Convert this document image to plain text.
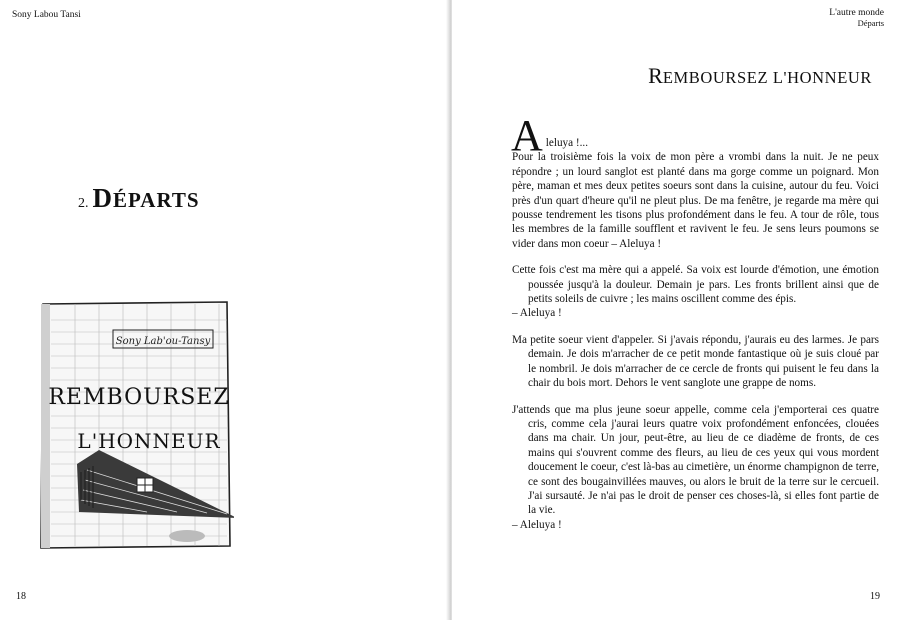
Sony Labou Tansi
2. DÉPARTS
Sony Lab'ou-Tansy
REMBOURSEZ
L'HONNEUR
18
L'autre monde
Départs
REMBOURSEZ L'HONNEUR

A leluya !...
Pour la troisième fois la voix de mon père a vrombi dans la nuit. Je ne peux répondre ; un lourd sanglot est planté dans ma gorge comme un poignard. Mon père, maman et mes deux petites soeurs sont dans la cuisine, autour du feu. Voici près d'un quart d'heure qu'il ne pleut plus. De ma fenêtre, je regarde ma mère qui pousse tendrement les tisons plus profondément dans le feu. A tour de rôle, tous les membres de la famille soufflent et ravivent le feu. Je sens leurs poumons se vider dans mon coeur – Aleluya !

Cette fois c'est ma mère qui a appelé. Sa voix est lourde d'émotion, une émotion poussée jusqu'à la douleur. Demain je pars. Les fronts brillent ainsi que de petits soleils de cuivre ; les mains oscillent comme des épis.
– Aleluya !

Ma petite soeur vient d'appeler. Si j'avais répondu, j'aurais eu des larmes. Je pars demain. Je dois m'arracher de ce petit monde fantastique où je suis cloué par le nombril. Je dois m'arracher de ce cercle de fronts qui puisent le feu dans la chair du bois mort. Dehors le vent sanglote une grappe de noms.

J'attends que ma plus jeune soeur appelle, comme cela j'emporterai ces quatre cris, comme cela j'aurai leurs quatre voix profondément enfoncées, clouées dans ma chair. Un jour, peut-être, au lieu de ce diadème de fronts, de ces mains qui s'ouvrent comme des fleurs, au lieu de ces yeux qui vous mordent doucement le coeur, c'est là-bas au cimetière, un énorme champignon de terre, ce sont des bougainvillées mauves, ou alors le bruit de la terre sur le cercueil. J'ai sursauté. Je n'ai pas le droit de penser ces choses-là, si elles font partie de la vie.
– Aleluya !

19
